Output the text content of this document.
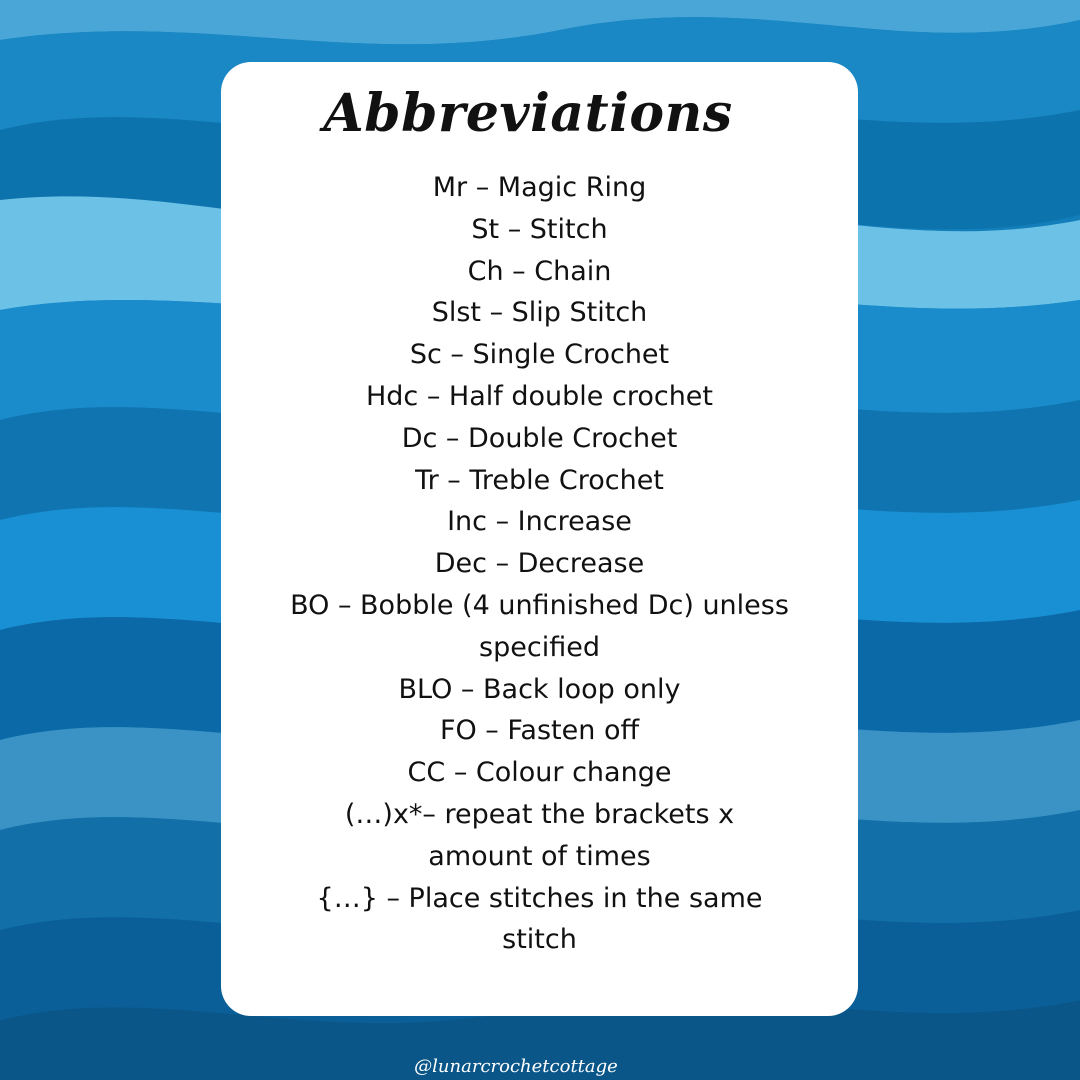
Abbreviations
Mr – Magic Ring
St – Stitch
Ch – Chain
Slst – Slip Stitch
Sc – Single Crochet
Hdc – Half double crochet
Dc – Double Crochet
Tr – Treble Crochet
Inc – Increase
Dec – Decrease
BO – Bobble (4 unfinished Dc) unless specified
BLO – Back loop only
FO – Fasten off
CC – Colour change
(…)x*– repeat the brackets x amount of times
{…} – Place stitches in the same stitch
@lunarcrochetcottage
